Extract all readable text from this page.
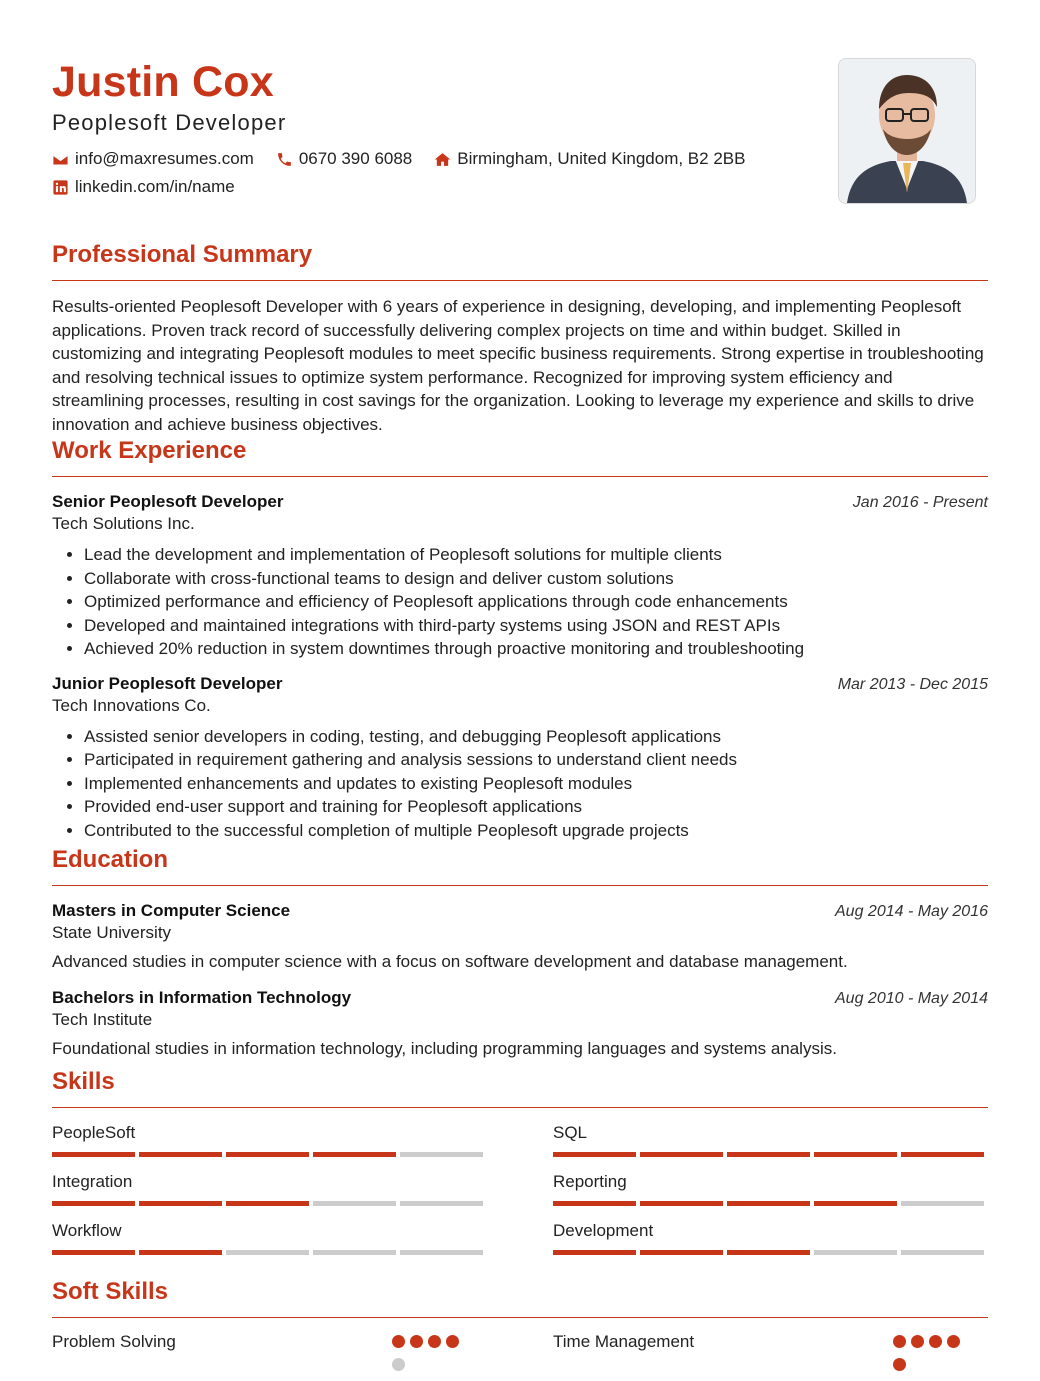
Justin Cox
Peoplesoft Developer
info@maxresumes.com	0670 390 6088	Birmingham, United Kingdom, B2 2BB
linkedin.com/in/name
Professional Summary
Results-oriented Peoplesoft Developer with 6 years of experience in designing, developing, and implementing Peoplesoft applications. Proven track record of successfully delivering complex projects on time and within budget. Skilled in customizing and integrating Peoplesoft modules to meet specific business requirements. Strong expertise in troubleshooting and resolving technical issues to optimize system performance. Recognized for improving system efficiency and streamlining processes, resulting in cost savings for the organization. Looking to leverage my experience and skills to drive innovation and achieve business objectives.
Work Experience
Senior Peoplesoft Developer	Jan 2016 - Present
Tech Solutions Inc.
• Lead the development and implementation of Peoplesoft solutions for multiple clients
• Collaborate with cross-functional teams to design and deliver custom solutions
• Optimized performance and efficiency of Peoplesoft applications through code enhancements
• Developed and maintained integrations with third-party systems using JSON and REST APIs
• Achieved 20% reduction in system downtimes through proactive monitoring and troubleshooting
Junior Peoplesoft Developer	Mar 2013 - Dec 2015
Tech Innovations Co.
• Assisted senior developers in coding, testing, and debugging Peoplesoft applications
• Participated in requirement gathering and analysis sessions to understand client needs
• Implemented enhancements and updates to existing Peoplesoft modules
• Provided end-user support and training for Peoplesoft applications
• Contributed to the successful completion of multiple Peoplesoft upgrade projects
Education
Masters in Computer Science	Aug 2014 - May 2016
State University
Advanced studies in computer science with a focus on software development and database management.
Bachelors in Information Technology	Aug 2010 - May 2014
Tech Institute
Foundational studies in information technology, including programming languages and systems analysis.
Skills
PeopleSoft	SQL
Integration	Reporting
Workflow	Development
Soft Skills
Problem Solving	Time Management
